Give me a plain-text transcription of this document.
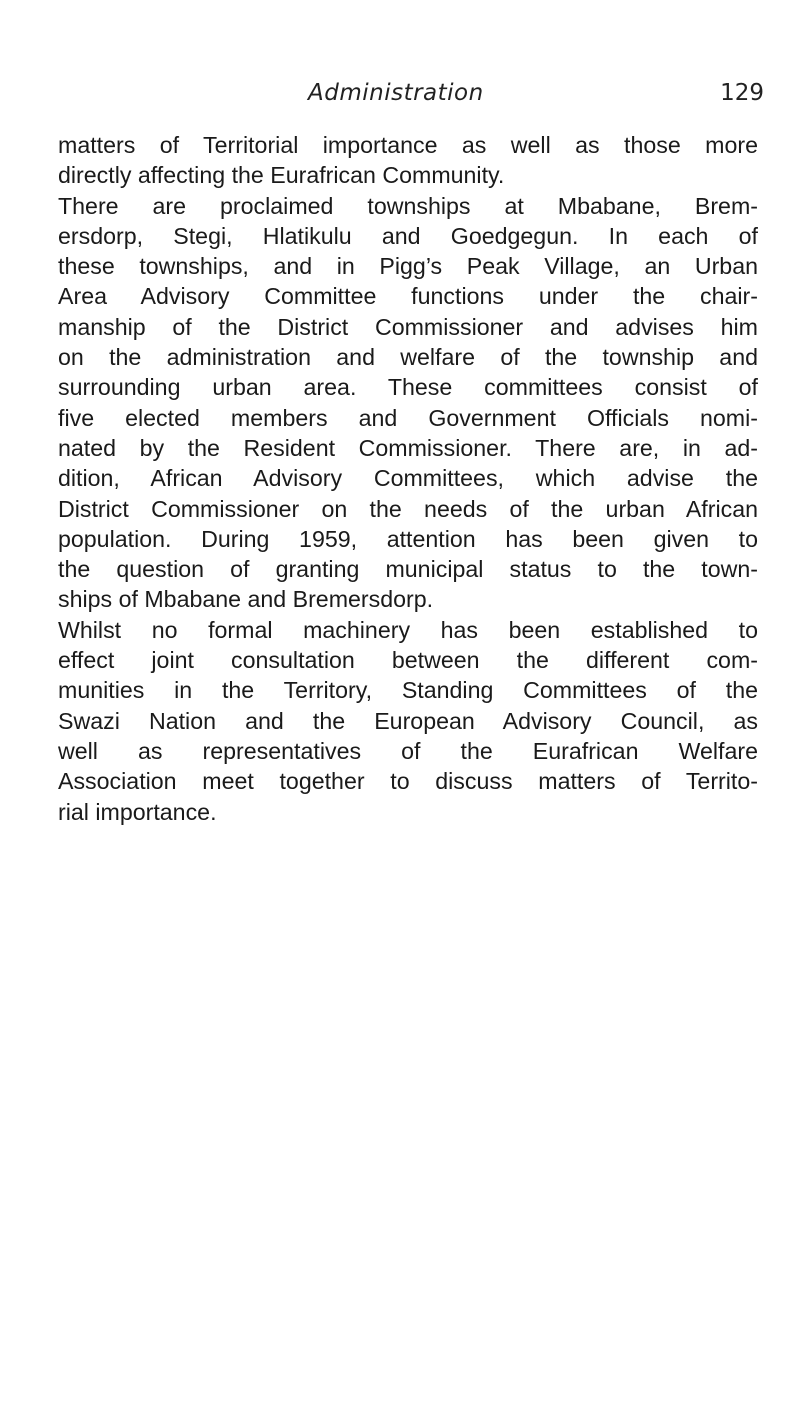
Administration	129
matters of Territorial importance as well as those more
directly affecting the Eurafrican Community.
There are proclaimed townships at Mbabane, Brem-
ersdorp, Stegi, Hlatikulu and Goedgegun. In each of
these townships, and in Pigg’s Peak Village, an Urban
Area Advisory Committee functions under the chair-
manship of the District Commissioner and advises him
on the administration and welfare of the township and
surrounding urban area. These committees consist of
five elected members and Government Officials nomi-
nated by the Resident Commissioner. There are, in ad-
dition, African Advisory Committees, which advise the
District Commissioner on the needs of the urban African
population. During 1959, attention has been given to
the question of granting municipal status to the town-
ships of Mbabane and Bremersdorp.
Whilst no formal machinery has been established to
effect joint consultation between the different com-
munities in the Territory, Standing Committees of the
Swazi Nation and the European Advisory Council, as
well as representatives of the Eurafrican Welfare
Association meet together to discuss matters of Territo-
rial importance.
